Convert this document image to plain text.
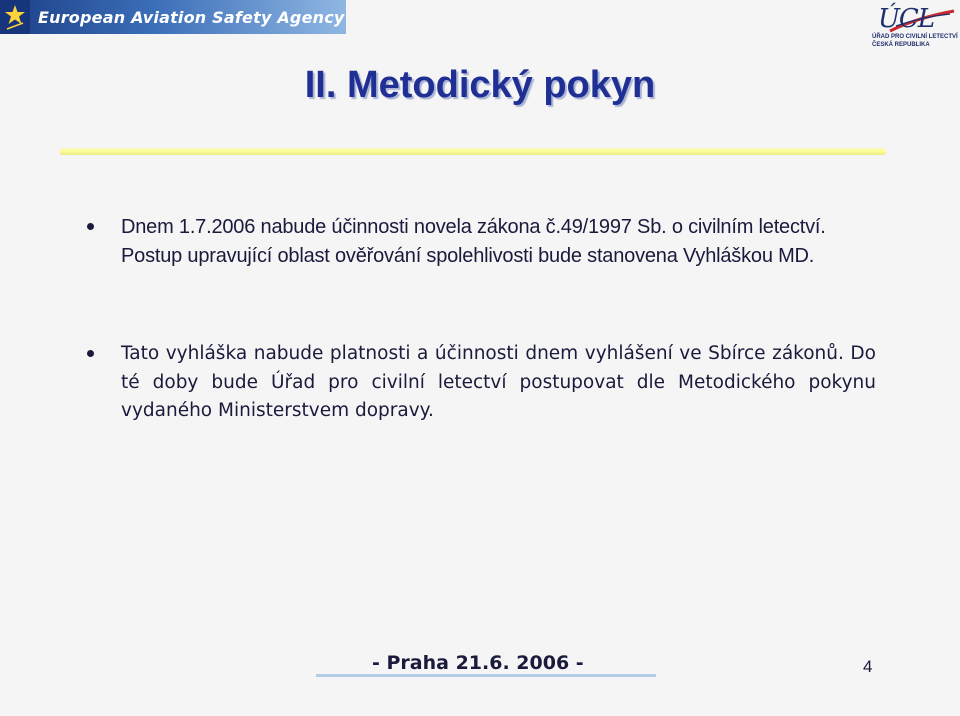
European Aviation Safety Agency	ÚCL
ÚŘAD PRO CIVILNÍ LETECTVÍ
ČESKÁ REPUBLIKA
II. Metodický pokyn
Dnem 1.7.2006 nabude účinnosti novela zákona č.49/1997 Sb. o civilním letectví. Postup upravující oblast ověřování spolehlivosti bude stanovena Vyhláškou MD.
Tato vyhláška nabude platnosti a účinnosti dnem vyhlášení ve Sbírce zákonů. Do té doby bude Úřad pro civilní letectví postupovat dle Metodického pokynu vydaného Ministerstvem dopravy.
- Praha 21.6. 2006 -	4
